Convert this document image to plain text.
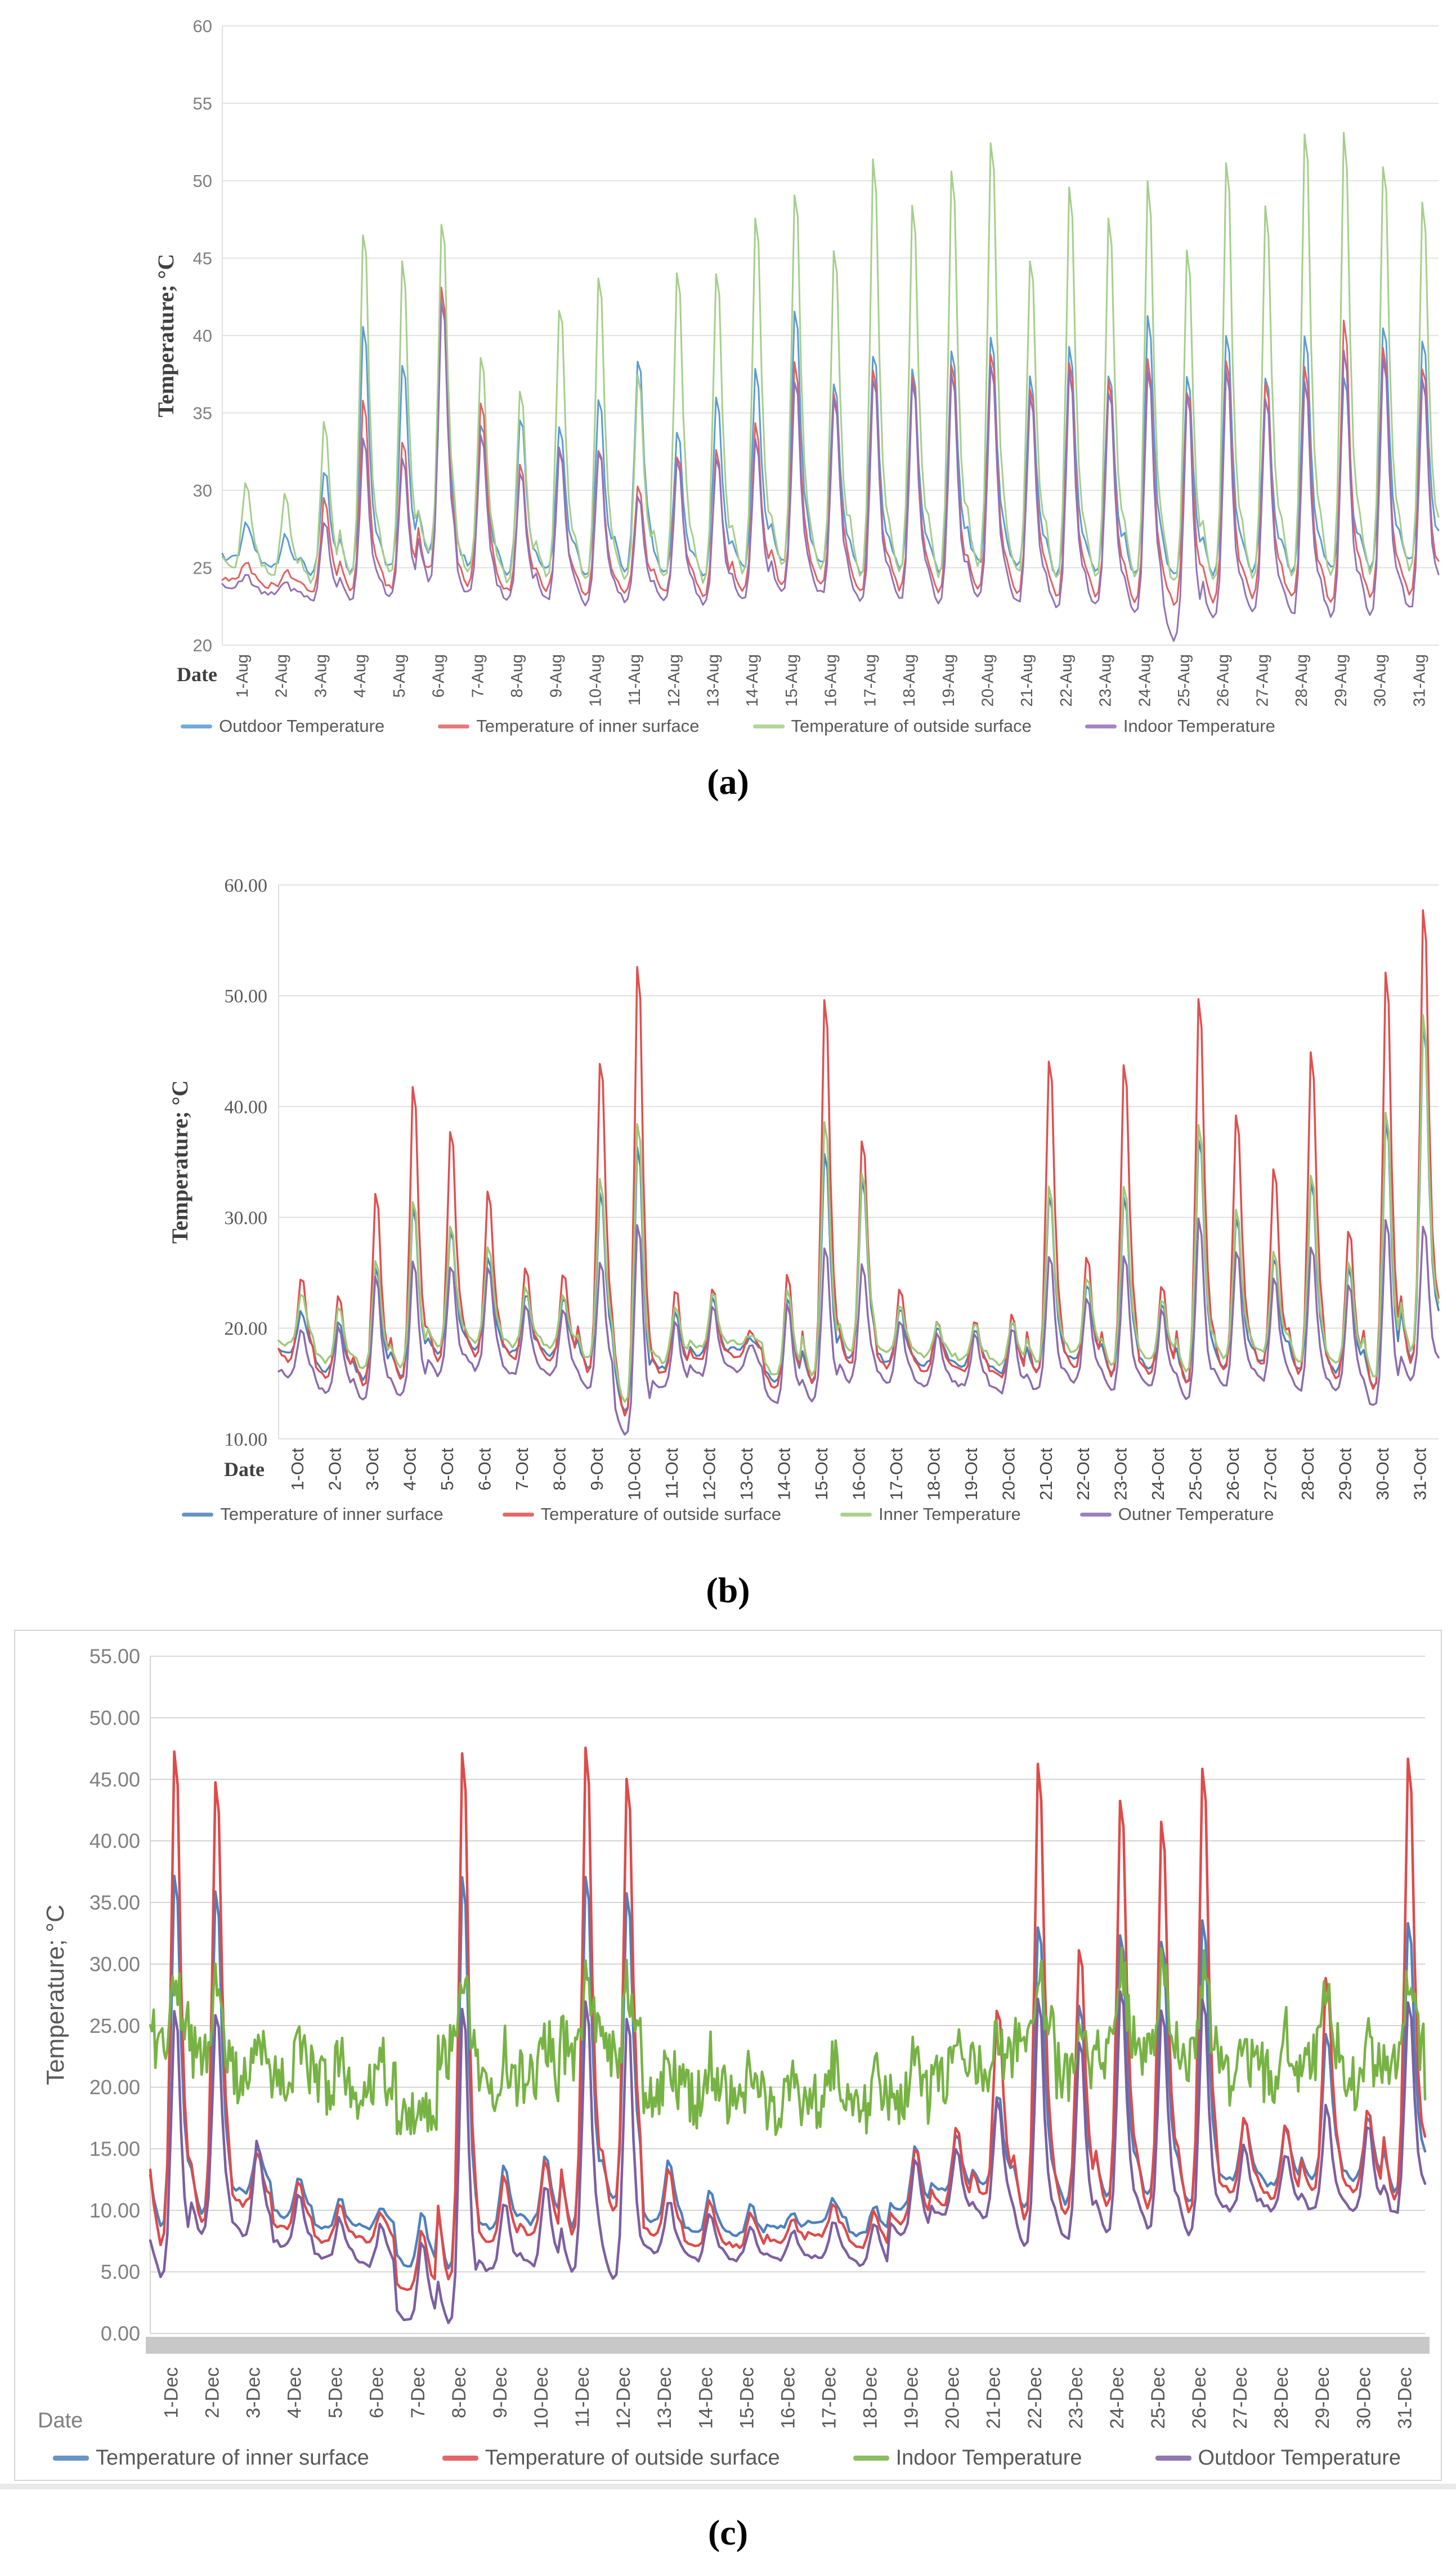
60
55
50
45
40
35
30
25
20
1-Aug 2-Aug 3-Aug 4-Aug 5-Aug 6-Aug 7-Aug 8-Aug 9-Aug 10-Aug 11-Aug 12-Aug 13-Aug 14-Aug 15-Aug 16-Aug 17-Aug 18-Aug 19-Aug 20-Aug 21-Aug 22-Aug 23-Aug 24-Aug 25-Aug 26-Aug 27-Aug 28-Aug 29-Aug 30-Aug 31-Aug
Temperature; °C
Date
Outdoor Temperature	Temperature of inner surface	Temperature of outside surface	Indoor Temperature
(a)
60.00
50.00
40.00
30.00
20.00
10.00
1-Oct 2-Oct 3-Oct 4-Oct 5-Oct 6-Oct 7-Oct 8-Oct 9-Oct 10-Oct 11-Oct 12-Oct 13-Oct 14-Oct 15-Oct 16-Oct 17-Oct 18-Oct 19-Oct 20-Oct 21-Oct 22-Oct 23-Oct 24-Oct 25-Oct 26-Oct 27-Oct 28-Oct 29-Oct 30-Oct 31-Oct
Temperature; °C
Date
Temperature of inner surface	Temperature of outside surface	Inner Temperature	Outner Temperature
(b)
55.00
50.00
45.00
40.00
35.00
30.00
25.00
20.00
15.00
10.00
5.00
0.00
1-Dec 2-Dec 3-Dec 4-Dec 5-Dec 6-Dec 7-Dec 8-Dec 9-Dec 10-Dec 11-Dec 12-Dec 13-Dec 14-Dec 15-Dec 16-Dec 17-Dec 18-Dec 19-Dec 20-Dec 21-Dec 22-Dec 23-Dec 24-Dec 25-Dec 26-Dec 27-Dec 28-Dec 29-Dec 30-Dec 31-Dec
Temperature; °C
Date
Temperature of inner surface	Temperature of outside surface	Indoor Temperature	Outdoor Temperature
(c)
